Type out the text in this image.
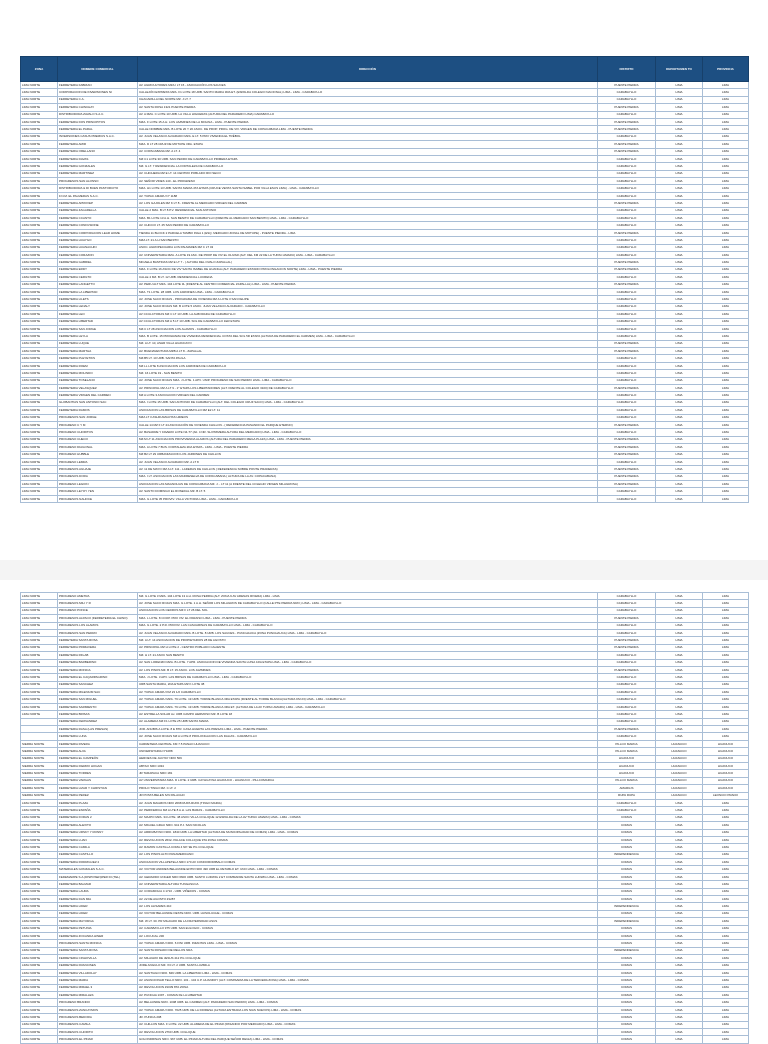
ZONA	NOMBRE COMERCIAL	DIRECCIÓN	DISTRITO	DEPARTAMEN TO	PROVINCIA
LIMA NORTE	FERRETERIA FABRIAN	AV. AGRICULTORES MZA I LT 15 - ASOCIACIÓN LOS SAUCES	PUENTE PIEDRA	LIMA	LIMA
LIMA NORTE	CORPORACION DE INVERSIONES NI	CALLEJÓN EXPRESS MZA. F1 LOTE 18 URB. SANTO MARIA 3RA ET. (ESPALDA COLEGIO NACIONAL) LIMA - LIMA - CARABAYLLO	CARABAYLLO	LIMA	LIMA
LIMA NORTE	FERRETERIA C.A.	CHACARILLA DEL NORTE MZ. J LT. 7	CARABAYLLO	LIMA	LIMA
LIMA NORTE	FERRETERIA CHINCHAY	AV. SANTA ROSA 1321 PUENTE PIEDRA	PUENTE PIEDRA	LIMA	LIMA
LIMA NORTE	DISTRIBUIDORA ZAVALO S.A.C.	AV. A MZA. C LOTE 10 URB. LA VILLA HIGUERAS (ALTURA DEL PARADERO LIMA) CARABAYLLO	CARABAYLLO	LIMA	LIMA
LIMA NORTE	FERRETERIA DOS PRINCIPITOS	MZA. F LOTE 15 A.H. LOS JAZMINES DE LA MOLINA - LIMA - PUENTE PIEDRA	PUENTE PIEDRA	LIMA	LIMA
LIMA NORTE	FERRETERIA EL PARAL	CALLE NOMBRE MZA. B LOTE 20 Y 20 ASOC. DE PROP. PROG. DE VIV. VIRGEN DE COPACABANA LIMA - PUENTE PIEDRA	PUENTE PIEDRA	LIMA	LIMA
LIMA NORTE	INVERSIONES CASUS PREMIUS S.A.C.	AV. JUAN VELASCO ALVARADO MZA. E LT. 5 PRO VIVIENDA EL TRÉBOL	CARABAYLLO	LIMA	LIMA
LIMA NORTE	FERRETERIA AMIR	MZA. D LT 28 CRUZ DE MOTUPE 3RA. ETAPA	PUENTE PIEDRA	LIMA	LIMA
LIMA NORTE	FERRETERIA ORELLANO	AV. COPACABANA MZ. A LT. 4	PUENTE PIEDRA	LIMA	LIMA
LIMA NORTE	FERRETERIA DAVAS	MZ C1 LOTE 30 URB. SAN PEDRO DE CARABAYLLO PRIMERA ETAPA	CARABAYLLO	LIMA	LIMA
LIMA NORTE	FERRETERIA GONZALES	MZ. G LT. 7 RESIDENCIAL LA FORTALEZA DE CARABAYLLO	CARABAYLLO	LIMA	LIMA
LIMA NORTE	FERRETERIA MARTINEZ	AV. CHICHERA MZ E LT. 14 CENTRO POBLADO RIO SECO	CARABAYLLO	LIMA	LIMA
LIMA NORTE	PROGRESOS SAN ALONSO	AV. SEÑOR VIDES 140 - EL PROGRESO	CARABAYLLO	LIMA	LIMA
LIMA NORTE	DISTRIBUIDORA & DI BUEN PASTORCITO	MZA. H1 LOTE 13 URB. SANTA MARIA 4TA ETAPA (CRUCE VENTA SANTA ISABEL POR VILLA ESUS LIMA) - LIMA - CARABAYLLO	CARABAYLLO	LIMA	LIMA
LIMA NORTE	F.N.M. EL PALMERAS S.A.C.	AV. TUPAC AMARU N° 1188	CARABAYLLO	LIMA	LIMA
LIMA NORTE	FERRETERIA APROVEP	AV. LOS GAJOLES MZ K LT 8 - FRENTE AL MERCADO VIRGEN DEL CARMEN	PUENTE PIEDRA	LIMA	LIMA
LIMA NORTE	FERRETERIA ZAGARELLA	CALLE 2 MZA. B LT 8 P.V. RESIDENCIAL SAN ANTONIO	CARABAYLLO	LIMA	LIMA
LIMA NORTE	FERRETERIA CCANTO	MZA. B1 LOTE 13 A.H. SAN BENITO DE CARABAYLLO (FRENTE AL MERCADO SAN BENITO) LIMA - LIMA - CARABAYLLO	CARABAYLLO	LIMA	LIMA
LIMA NORTE	FERRETERIA CONFUSIONE	AV. CHICCO LT. 25 SAN PEDRO DE CARABAYLLO	CARABAYLLO	LIMA	LIMA
LIMA NORTE	FERRETERIA CORPORACION LEAR HOME	TIENDA 11 BLOCK 2 PARCELA TAMBO INGA 1 (ESQ. MERCADO ZONAL DE MOTUPE) - PUENTE PIEDRA - LIMA	PUENTE PIEDRA	LIMA	LIMA
LIMA NORTE	FERRETERIA HUAYGO	MZA LT. 21 A.H SAN BENITO	CARABAYLLO	LIMA	LIMA
LIMA NORTE	FERRETERIA HUANACHIN	ASOC. AGROPECUARIA LOS PALMARES MZ C LT 43	CARABAYLLO	LIMA	LIMA
LIMA NORTE	FERRETERIA CORAZON	AV. UNIVERSITARIA MZA. A LOTE 19 ASC. DE PROP DE VIV EL OLIVAR (ALT. DEL KM 22 DE LA TUPAC AMARU) LIMA - LIMA - CARABAYLLO	CARABAYLLO	LIMA	LIMA
LIMA NORTE	FERRETERIA GABRIEL	MICAELA BASTIDAS MZ E LT 7 - ( ALTURA DEL OVALO ZAPALLAL)	PUENTE PIEDRA	LIMA	LIMA
LIMA NORTE	FERRETERIA ERDY	MZA. F LOTE 16 ASOC DE VIV SANTA ISABEL DE HUANGA (ALT. PARADERO ESTADIO PROLONGACION NORTE) LIMA - LIMA - PUENTE PIEDRA	PUENTE PIEDRA	LIMA	LIMA
LIMA NORTE	FERRETERIA CERILTO	CALLE 4 MZ. B LT. 12 URB. RESIDENCIAL LUCRENA	CARABAYLLO	LIMA	LIMA
LIMA NORTE	FERRETERIA LANGETTO	AV. PERU ALT MZA. 104 LOTE 3L (FRENTE AL CENTRO COMERCIAL ZAPALLAL) LIMA - LIMA - PUENTE PIEDRA	PUENTE PIEDRA	LIMA	LIMA
LIMA NORTE	FERRETERIA LA LIBERTAD	MZA. T1 LOTE. 28 URB. LOS JARDINES LIMA - LIMA - CARABAYLLO	CARABAYLLO	LIMA	LIMA
LIMA NORTE	FERRETERIA LILETS	AV. JOSE SACO ROJAS - PROGRAMA DE VIVIENDA MZ A LOTE 3 SAN FELIPE	CARABAYLLO	LIMA	LIMA
LIMA NORTE	FERRETERIA LENALY	AV. JOSE SACO ROJAS MZ. B LOTE 5 ASOC. JUAN VELASCO ALVARADO - CARABAYLLO	CARABAYLLO	LIMA	LIMA
LIMA NORTE	FERRETERIA LEO	AV CCULCTORAS MZ C LT 10 URB. LA ALBORADA DE CARABAYLLO	CARABAYLLO	LIMA	LIMA
LIMA NORTE	FERRETERIA LIBERTAD	AV CCULCTORAS MZ A 5 LT 10 URB. SOL DE CARABAYLLO 1ER ETAPA	CARABAYLLO	LIMA	LIMA
LIMA NORTE	FERRETERIA SAN JORGE	MZ.C LT 28 ASOCIACION LOS ALAMOS - CARABAYLLO	CARABAYLLO	LIMA	LIMA
LIMA NORTE	FERRETERIA LEYLA	MZA. B LOTE. 15 PROGRAMA DE VIVIENDA RESIDENCIAL COSTA DEL SOL 5R ETAPA (ALTURA DE PARADERO EL CARMEN) LIMA - LIMA - CARABAYLLO	CARABAYLLO	LIMA	LIMA
LIMA NORTE	FERRETERIA LUQUE	MZ. A LT. 10, ASHR VILLA HUANCAYO	PUENTE PIEDRA	LIMA	LIMA
LIMA NORTE	FERRETERIA MARTHA	AV. BUENAVENTURA MZB A LT 8 - ZAPALLAL	PUENTE PIEDRA	LIMA	LIMA
LIMA NORTE	FERRETERIA PLEYETIKS	MZ.B5 LT. 10 URB. SANTA PAULA	CARABAYLLO	LIMA	LIMA
LIMA NORTE	FERRETERIA ROEM	MZ LL LOTE 8 ASOCIACION LOS JARDINES DE CARABAYLLO	CARABAYLLO	LIMA	LIMA
LIMA NORTE	FERRETERIA MOLINDO	MZ. 16 LOTE 19 - SAN BENITO	CARABAYLLO	LIMA	LIMA
LIMA NORTE	FERRETERIA TOSELANO	AV. JOSE SACO ROJAS MZA. J LOTE. 1 APV. UNIP. PROGRESO DE SAN PEDRO LIMA - LIMA - CARABAYLLO	CARABAYLLO	LIMA	LIMA
LIMA NORTE	FERRETERIA VELASQUEZ	AV. PRINCIPAL MZ A LT 9 - 1° ETAPA LOS LIBERTADORES (ALT. FRENTE AL COLEGIO 3100) DE CARABAYLLO	PUENTE PIEDRA	LIMA	LIMA
LIMA NORTE	FERRETERIA VIRGEN DEL CARMEN	MZ A LOTE 3 ASOCIACION VIRGEN DEL CARMEN	CARABAYLLO	LIMA	LIMA
LIMA NORTE	GLOBANTIAS SAN ANTONIO SAC	MZA. I LOTE 15 URB. SAN ANTONIO DE CARABAYLLO (ALT. DEL COLEGIO CRUZ SACO) LIMA - LIMA - CARABAYLLO	CARABAYLLO	LIMA	LIMA
LIMA NORTE	FERRETERIA RAMOS	ASOCIACION LAS BRISAS DE CARABAYLLO MZ E2 LT. 11	CARABAYLLO	LIMA	LIMA
LIMA NORTE	PROGRESOS SAN JORGE	MZA LT 3 ASHR AMAUTAS HIREOS	CARABAYLLO	LIMA	LIMA
LIMA NORTE	PROGRESO C Y M	CALLE 14 MZ F LT 44 ASOCIACIÓN DE VIVIENDA CHILLON - ( REFERENCIA PASANDO EL PARQUE ETERNO)	PUENTE PIEDRA	LIMA	LIMA
LIMA NORTE	PROGRESO CHORITOS	AV. BASADRE Y FAVERO LOTE N4-T7 (Alt. 4 NR. SH PRIMERA ALTURA DEL MERCADO) LIMA - LIMA - CARABAYLLO	CARABAYLLO	LIMA	LIMA
LIMA NORTE	PROGRESO CHECO	MZ.M LT 11 ASOCIACION PROVIVIENDA ALAMOS (ALTURA DEL PARADERO MEGA PLAZA) LIMA - LIMA - PUENTE PIEDRA	PUENTE PIEDRA	LIMA	LIMA
LIMA NORTE	PROGRESO DIAGONAL	MZA. A LOTE 7 BUS. FORTALEZA 2DA ETAPA - LIMA - LIMA - PUENTE PIEDRA	PUENTE PIEDRA	LIMA	LIMA
LIMA NORTE	PROGRESO HUBBLE	MZ B2 LT 29 URBANIZACION LOS JARDINES DE CHILLON	PUENTE PIEDRA	LIMA	LIMA
LIMA NORTE	PROGRESO LEMRA	AV. JUAN VELASCO ALVARADO MZ. A LT 8	CARABAYLLO	LIMA	LIMA
LIMA NORTE	PROGRESOS AGUAJE	AV. 11 DE MAYO MZ A LT. 111 - LADERAS DE CHILLON ( REFERENCIA SOBRE PONTE PRADERAS)	PUENTE PIEDRA	LIMA	LIMA
LIMA NORTE	PROGRESOS DORA	MZA. I LT. ASOCIACION LAS MADRESELVA DE COPACABANA ( ALTURA DE LA AV. COPACABANA)	PUENTE PIEDRA	LIMA	LIMA
LIMA NORTE	PROGRESO LEGION	ASOCIACION LAS MAGNOLIAS DE COPACABANA MZ. J. - LT 11 (A FRENTE DEL COLEGIO VIRGEN MILAGROSA)	PUENTE PIEDRA	LIMA	LIMA
LIMA NORTE	PROGRESO LEYOY YEN	AV. SANTO DOMINGO EL ROSEDAL MZ. B LT. 5	CARABAYLLO	LIMA	LIMA
LIMA NORTE	PROGRESOS NAHOCE	MZA. G LOTE 35 PROVIV. VILLA VICTORIA LIMA - LIMA - CARABAYLLO	CARABAYLLO	LIMA	LIMA
LIMA NORTE	PROGRESO AMETRA	MZ. G LOTE 3 MZA. 104 LOTE 13 A.H. ROSA PERRIA (ALT. ZONA 9 AV ARENAS RIVERA) LIMA - LIMA	CARABAYLLO	LIMA	LIMA
LIMA NORTE	PROGRESOS MILI Y R	AV. JOSE SACO ROJAS MZA. G LOTE. 1 A.H. SEÑOR LOS MILAGROS DE CARABAYLLO (CALLE PTE PIEDRA NRO.) LIMA - LIMA - CARABAYLLO	CARABAYLLO	LIMA	LIMA
LIMA NORTE	PROGRESO PONCE	ASOCIACION LOS CEDROS MZ F LT 26 DEL SOL	CARABAYLLO	LIMA	LIMA
LIMA NORTE	PROGRESOS ALPACO (FERRETERIA EL CHINO)	MZA. L LOTE. 8 COOP. PRO VIV. EL PARAISO LIMA - LIMA - PUENTE PIEDRA	PUENTE PIEDRA	LIMA	LIMA
LIMA NORTE	PROGRESOS LOS ALAMOS	MZA. G LOTE. 2 P.R. PROVIV. LAS CASUARINAS DE CARABAYLLO LIMA - LIMA - CARABAYLLO	CARABAYLLO	LIMA	LIMA
LIMA NORTE	PROGRESOS SAN PEDRO	AV. JUAN VELASCO ALVARADO MZA. B LOTE. 8 URB. LOS SAUCES - PUNCHAUCA (ZONA PUNCHAUCA) LIMA - LIMA - CARABAYLLO	CARABAYLLO	LIMA	LIMA
LIMA NORTE	FERRETERIA SANTA ROSA	MZ. A LT. 14 ASOCIACION DE PROPIETARIOS 28 DE AGOSTO	PUENTE PIEDRA	LIMA	LIMA
LIMA NORTE	FERRETERIA PRIMAVERA	AV. PRINCIPAL MZ H LOTE 2 - CENTRO POBLADO CALIENTE	PUENTE PIEDRA	LIMA	LIMA
LIMA NORTE	FERRETERIA RFLAB	MZ. H LT. 21 ASOC SAN BENITO	CARABAYLLO	LIMA	LIMA
LIMA NORTE	FERRETERIA BARBERINO	AV. SAN LORENZO MZA. B LOTE. 7 APR. ASOCIACION DE VIVIENDA SANTA LUISA 1RA ETAPA LIMA - LIMA - CARABAYLLO	CARABAYLLO	LIMA	LIMA
LIMA NORTE	FERRETERIA MONICA	AV. LOS PINOS MZ. B LT. 15 ASOC. LOS JAZMINES	PUENTE PIEDRA	LIMA	LIMA
LIMA NORTE	FERRETERIA EL CAQARPAGRINO	MZA. J LOTE. 3 APV. LAS BRISAS DE CARABAYLLO LIMA - LIMA - CARABAYLLO	CARABAYLLO	LIMA	LIMA
LIMA NORTE	FERRETERIA SANCHEZ	URB SANTA MARIA, 2DA ETAPA MZ K LOTE 38	CARABAYLLO	LIMA	LIMA
LIMA NORTE	FERRETERIA MILENIUM SAC	AV. TUPAC AMARU KM 23 1/2 CARABAYLLO	CARABAYLLO	LIMA	LIMA
LIMA NORTE	FERRETERIA SAN MIGUEL	AV. TUPAC AMARU MZA. 79 LOTE. 19 URB. TORRE BLANCA 3RA ETAPA (FRENTE AL TORRE BLANCA)/ALTURA KM 23) LIMA - LIMA - CARABAYLLO	CARABAYLLO	LIMA	LIMA
LIMA NORTE	FERRETERIA SARMIENTO	AV. TUPAC AMARU MZA. 79 LOTE. 19 URB. TORRE BLANCA 3RA ET. (ALTURA DE LA AV TUPAC AMARU) LIMA - LIMA - CARABAYLLO	CARABAYLLO	LIMA	LIMA
LIMA NORTE	FERRETERIA BRISAS	AV. ESTRELLA SOLAR Av. URB CAMPO HERMOSO MZ. B LOTE 18	CARABAYLLO	LIMA	LIMA
	FERRETERIA FERNANDEZ	AV. ALAMEDA MZ F1 LOTE 25 URB SANTA MARIA	CARABAYLLO	LIMA	LIMA
	FERRETERIA RASA (LAS PRESAS)	JOR. ANUBIS A LOTE. 8 E 8TR. CASA HUERTA LAS PRESAS LIMA - LIMA - PUENTE PIEDRA	PUENTE PIEDRA	LIMA	LIMA
	FERRETERIA LUNA	AV. JOSE SACO ROJAS MZ A LOTE 8 PROLONGACION LAS DALIAS - CARABAYLLO	CARABAYLLO	LIMA	LIMA
SIERRA NORTE	FERRETERIA RIVERA	CARRETERA CENTRAL KM 7.5 PANAO HUANUCO	PILLCO MARCA	HUANUCO	HUANUCO
SIERRA NORTE	FERRETERIA ALVA	UNIVERSITARIA N°1088	PILLCO MARCA	HUANUCO	HUANUCO
SIERRA NORTE	FERRETERIA EL CAMPEÓN	HEROES DE JACTAY NRO 509	HUANUCO	HUANUCO	HUANUCO
SIERRA NORTE	FERRETERIA FIERRO HOGAN	ABTAO NRO 1034	HUANUCO	HUANUCO	HUANUCO
SIERRA NORTE	FERRETERIA TORRES	JR TARAPACA NRO 181	HUANUCO	HUANUCO	HUANUCO
SIERRA NORTE	FERRETERIA VARGAS	AV UNIVERSITARIA MZA. D LOTE. 2 URB. CAYHUAYNA HUANUCO - HUANUCO - PILLCOMARCA	PILLCO MARCA	HUANUCO	HUANUCO
SIERRA NORTE	FERRETERIA LIZAR Y CHRISTIAN	PROLO TINGO MZ. C LT. 2	AMARILIS	HUANUCO	HUANUCO
SIERRA NORTE	FERRETERIA PEREZ	JR POSTA BELEN S/N PALACHO	RUPA RUPA	HUANUCO	LEONCIO PRADO
LIMA NORTE	FERRETERIA PLAZA	AV. JUAN MAGMOS NRO 2098 RUPA RUPA (TINGO MARIA)	CARABAYLLO	LIMA	LIMA
LIMA NORTE	FERRETERIA ESPAÑA	AV. PERIFERICA MZ A LTE 8 A.H. LAS BARAS - CARABAYLLO	CARABAYLLO	LIMA	LIMA
LIMA NORTE	FERRETERIA FORAN 2	AV. MAJPO MZA. 34 LOTE. 48 ASOC VILLA COLLIQUE 12 ESPALDA DE LA AV TUPAC AMARU) LIMA - LIMA - COMAS	COMAS	LIMA	LIMA
LIMA NORTE	FERRETERIA ALEXITO	AV. MIGUEL GRAU NRO. 941 P.J. SAN NICOLAS	COMAS	LIMA	LIMA
LIMA NORTE	FERRETERIA URSKY Y RONNY	AV. ARRIUBAYNO NRO. 1840 URB. LA LIBERTAD (ALTURA DE MUNICIPALIDAD DE COMAS) LIMA - LIMA - COMAS	COMAS	LIMA	LIMA
LIMA NORTE	FERRETERIA LUAN	AV. REVOLUCION 2632- PALACE COLLIQUE 9TA ZONA COMAS	COMAS	LIMA	LIMA
LIMA NORTE	FERRETERIA CAMILA	AV. RAMON CASTILLA COMA 4 NP. 9E PG COLLIQUE	COMAS	LIMA	LIMA
LIMA NORTE	FERRETERIA CASTILLO	AV. LOS PINOS ALTO PANAMERICANO	INDEPENDENCIA	LIMA	LIMA
LIMA NORTE	FERRETERIA RODRIGUEZ 2	ASOCIACION VILLAPETELA NRO 170 AV CONDORORIBALO COMAS	COMAS	LIMA	LIMA
LIMA NORTE	MATERIALES GONZALES S.A.C.	AV. VICTOR ANDRES BELAUNDE ENTR NRO 490 URB EL RETABLO ET. UNO LIMA - LIMA - COMAS	COMAS	LIMA	LIMA
LIMA NORTE	FEDEMARPE S.A.(DISPOSEN)PER DI (TEL)	AV. GERARDO UNGER NRO 6600 URB. SANTO LUDWIG 2 ET COMMAFRE SANTA LUDWIG LIMA - LIMA - COMAS	COMAS	LIMA	LIMA
LIMA NORTE	FERRETERIA BALMAR	AV. UNIVERSITARIA ALTURA TUNGASUCA	COMAS	LIMA	LIMA
LIMA NORTE	FERRETERIA LAURA	AV. CORAMOLIA 4 1710 - URB. VIÑEDOS - COMAS	COMAS	LIMA	LIMA
LIMA NORTE	FERRETERIA DAN MIA	AV. 22 DE AGOSTO #1287	COMAS	LIMA	LIMA
LIMA NORTE	FERRETERIA LIDER	AV. LOS ALISARES 410	INDEPENDENCIA	LIMA	LIMA
LIMA NORTE	FERRETERIA LIDER	AV. VICTOR BELAUNDE OESTE NRO. URB. HUSOLUCHE - COMAS	COMAS	LIMA	LIMA
LIMA NORTE	FERRETERIA MAYORGA	MZ. W LT. 30. PR MILAGRO DE LA FRATERNIDAD ASUS	INDEPENDENCIA	LIMA	LIMA
LIMA NORTE	FERRETERIA PETUNIA	AV. CARABAYLLO 975 URB. SAN EULOGIO - COMAS	COMAS	LIMA	LIMA
LIMA NORTE	FERRETERIA ZOCANDA HINER	AV. LOCUCAL 230	COMAS	LIMA	LIMA
LIMA NORTE	PROGRESOS SANTA MONICA	AV. TUPAC AMARU NRO. 6 FINI URB. INFANTAS LIMA - LIMA - COMAS	COMAS	LIMA	LIMA
LIMA NORTE	FERRETERIA SANTA ROSA	AV. SANTA ROSADO DE RELLOS NRA	INDEPENDENCIA	LIMA	LIMA
LIMA NORTE	FERRETERIA CINHOVILLA	AV. MILAGRO DE JESUS 412 PG COLLIQUE	COMAS	LIMA	LIMA
LIMA NORTE	FERRETERIA FRANCISES	JORE ANGULO MZ. X3 LT. 2 URB. SANTA LUZMILA	COMAS	LIMA	LIMA
LIMA NORTE	FERRETERIA VILLADOLAY	AV. SANTIAGO NRO. 849 URB. LA LIBERTAD LIMA - LIMA - COMAS	COMAS	LIMA	LIMA
LIMA NORTE	FERRETERIA MARIA	AV. ASUNCIONAR TELLO NRO. 101 - 104 U.P. HUANDOY (ALT. COMISARIA DE LA TERCERA ZONA) LIMA - LIMA - COMAS	COMAS	LIMA	LIMA
LIMA NORTE	FERRETERIA MIRAEL 3	AV. REVOLUCION #1039 8TA ZONA	COMAS	LIMA	LIMA
LIMA NORTE	FERRETERIA MIRALLES	AV. PUNCHA 1397 - COMAS FE LA LIBERTAD	COMAS	LIMA	LIMA
LIMA NORTE	PROGRESO BRANDO	AV. BELAUNDE NRO. 1008 URB. EL CARMEN (ALT. PARADERO SAN PEDRO) LIMA - LIMA - COMAS	COMAS	LIMA	LIMA
LIMA NORTE	PROGRESOS ZANCAYMOS	AV. TUPAC AMARU NRO. 7025 URB. DE LA DIORESA (ALTURA ENTRADA LOS NIAS NUEVOS) LIMA - LIMA - COMAS	COMAS	LIMA	LIMA
LIMA NORTE	PROGRESOS BEDORA	JR. PUNICA 208	COMAS	LIMA	LIMA
LIMA NORTE	PROGRESOS CAMILA	AV. CHILLON MZA. F LOTE. 22 URB. ALAMEDA DE EL PINAR (PASANDO POR MERCADO) LIMA - LIMA - COMAS	COMAS	LIMA	LIMA
LIMA NORTE	PROGRESOS CHORITO	AV. REVOLUCION 2760 URB. COLLIQUE	COMAS	LIMA	LIMA
LIMA NORTE	PROGRESOS EL PINAR	GOLONDRINAS NRO. 967 URB. EL PINAR ALTURA DEL PARQUE SEÑOR REGIA) LIMA - LIMA - COMAS	COMAS	LIMA	LIMA
